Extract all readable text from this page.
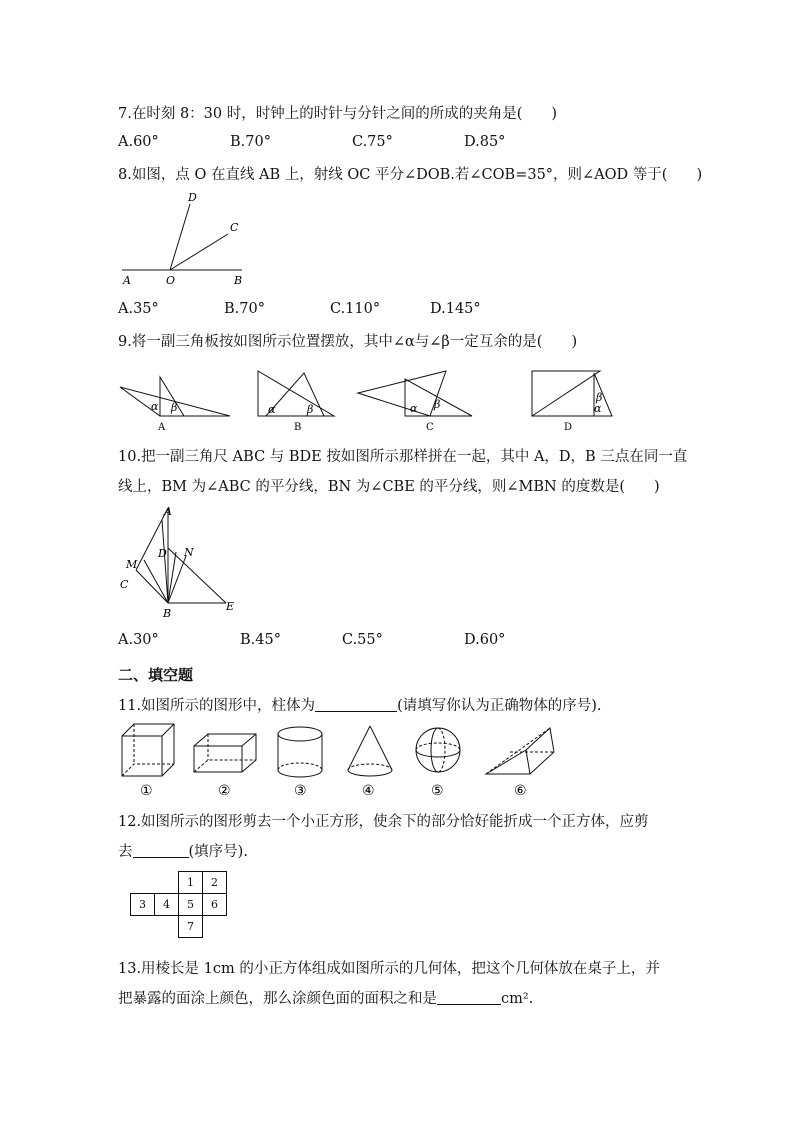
7.在时刻 8：30 时，时钟上的时针与分针之间的所成的夹角是(　　)
A.60°	B.70°	C.75°	D.85°
8.如图，点 O 在直线 AB 上，射线 OC 平分∠DOB.若∠COB=35°，则∠AOD 等于(　　)
A	O	B
C
D
A.35°	B.70°	C.110°	D.145°
9.将一副三角板按如图所示位置摆放，其中∠α与∠β一定互余的是(　　)
α β
A
α	β
B
α β
C
β
α
D
10.把一副三角尺 ABC 与 BDE 按如图所示那样拼在一起，其中 A，D，B 三点在同一直
线上，BM 为∠ABC 的平分线，BN 为∠CBE 的平分线，则∠MBN 的度数是(　　)
A
M
D N
C
B
E
A.30°	B.45°	C.55°	D.60°
二、填空题
11.如图所示的图形中，柱体为	(请填写你认为正确物体的序号).
①	②	③	④	⑤	⑥
12.如图所示的图形剪去一个小正方形，使余下的部分恰好能折成一个正方体，应剪
去	(填序号).
		1	2
3	4	5	6
		7	
13.用棱长是 1cm 的小正方体组成如图所示的几何体，把这个几何体放在桌子上，并
把暴露的面涂上颜色，那么涂颜色面的面积之和是	cm².
